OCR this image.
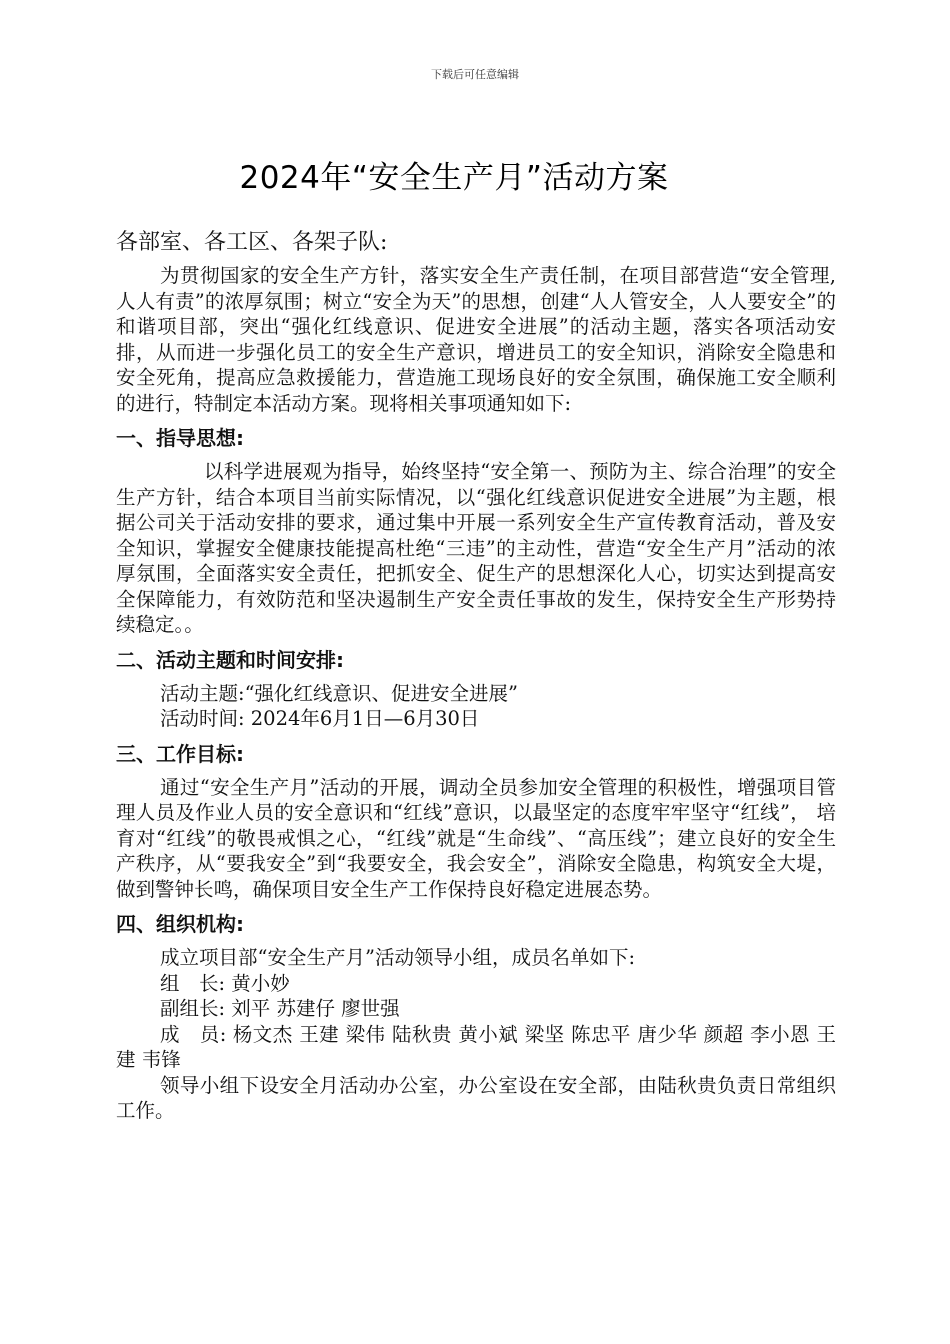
下载后可任意编辑
2024年“安全生产月”活动方案
各部室、各工区、各架子队:

为贯彻国家的安全生产方针，落实安全生产责任制，在项目部营造“安全管理,人人有责”的浓厚氛围；树立“安全为天”的思想，创建“人人管安全，人人要安全”的和谐项目部，突出“强化红线意识、促进安全进展”的活动主题，落实各项活动安排，从而进一步强化员工的安全生产意识，增进员工的安全知识，消除安全隐患和安全死角，提高应急救援能力，营造施工现场良好的安全氛围，确保施工安全顺利的进行，特制定本活动方案。现将相关事项通知如下:

一、指导思想:

以科学进展观为指导，始终坚持“安全第一、预防为主、综合治理”的安全生产方针，结合本项目当前实际情况，以“强化红线意识促进安全进展”为主题，根据公司关于活动安排的要求，通过集中开展一系列安全生产宣传教育活动，普及安全知识，掌握安全健康技能提高杜绝“三违”的主动性，营造“安全生产月”活动的浓厚氛围，全面落实安全责任，把抓安全、促生产的思想深化人心，切实达到提高安全保障能力，有效防范和坚决遏制生产安全责任事故的发生，保持安全生产形势持续稳定。。

二、活动主题和时间安排:

活动主题:“强化红线意识、促进安全进展”

活动时间: 2024年6月1日—6月30日

三、工作目标:

通过“安全生产月”活动的开展，调动全员参加安全管理的积极性，增强项目管理人员及作业人员的安全意识和“红线”意识，以最坚定的态度牢牢坚守“红线”， 培育对“红线”的敬畏戒惧之心，“红线”就是“生命线”、“高压线”；建立良好的安全生产秩序，从“要我安全”到“我要安全，我会安全”，消除安全隐患，构筑安全大堤，做到警钟长鸣，确保项目安全生产工作保持良好稳定进展态势。

四、组织机构:

成立项目部“安全生产月”活动领导小组，成员名单如下:

组　长: 黄小妙

副组长: 刘平 苏建仔 廖世强

成　员: 杨文杰 王建 梁伟 陆秋贵 黄小斌 梁坚 陈忠平 唐少华 颜超 李小恩 王建 韦锋

领导小组下设安全月活动办公室，办公室设在安全部，由陆秋贵负责日常组织工作。
